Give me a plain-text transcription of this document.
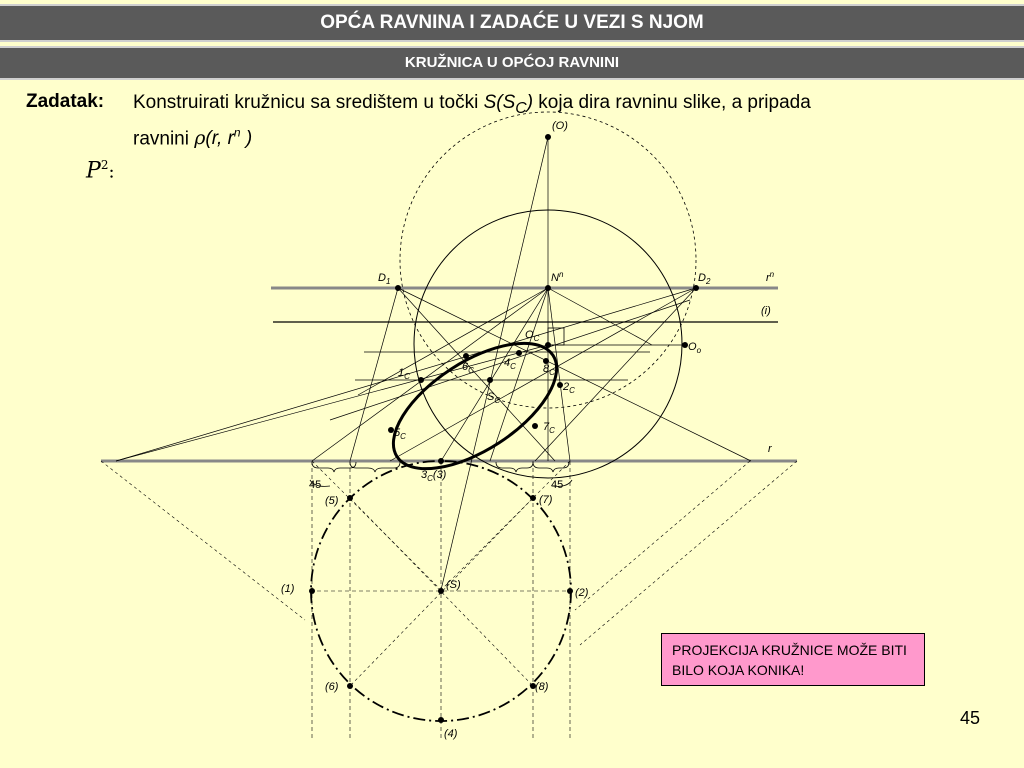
OPĆA RAVNINA I ZADAĆE U VEZI S NJOM
KRUŽNICA U OPĆOJ RAVNINI
Zadatak: Konstruirati kružnicu sa središtem u točki $S(S_C)$ koja dira ravninu slike, a pripada
ravnini ρ(r, $r^n$ )
$P^2$:
(O)
$D_1$	$N^n$	$D_2$	$r^n$
(i)
$O_C$
$O_o$
$6_C$
$4_C$ $8_C$
$1_C$
$2_C$
$S_C$
$5_C$
$7_C$
r
$3_C(3)$
45	45
(5)	(7)
(1)	(2)
(S)
(6)	(8)
(4)
PROJEKCIJA KRUŽNICE MOŽE BITI
BILO KOJA KONIKA!
45
